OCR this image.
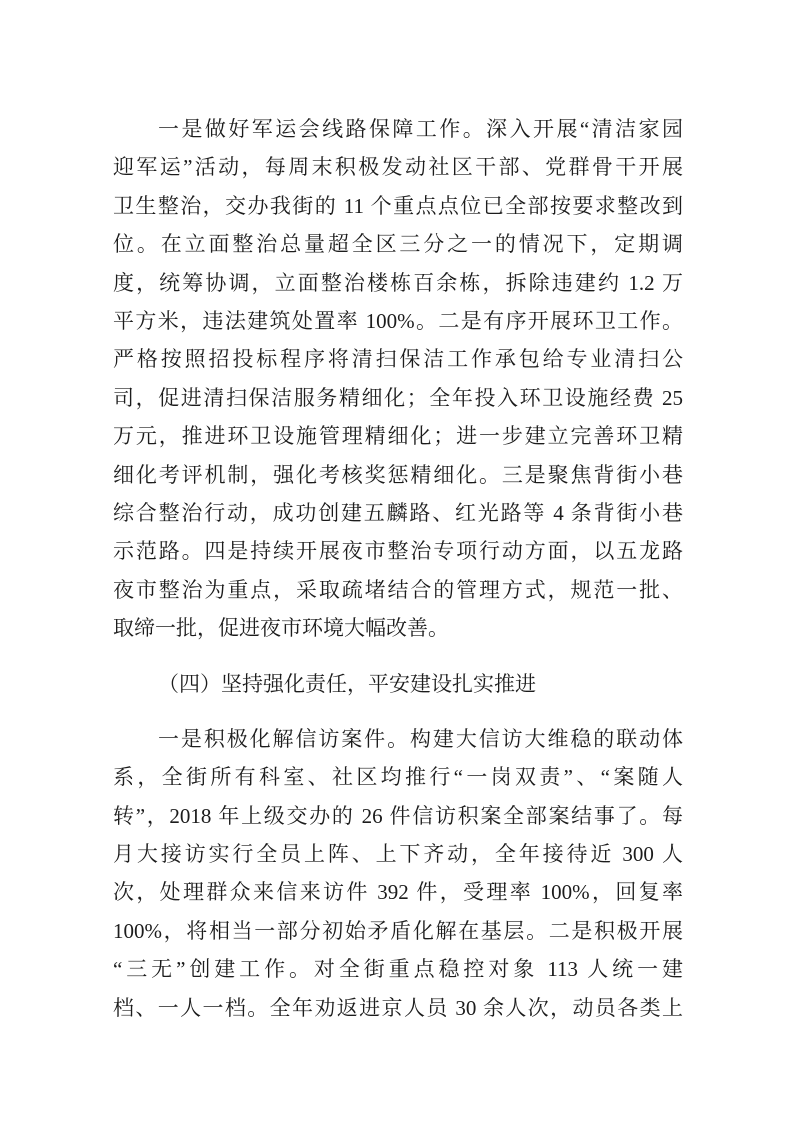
一是做好军运会线路保障工作。深入开展“清洁家园
迎军运”活动，每周末积极发动社区干部、党群骨干开展
卫生整治，交办我街的 11 个重点点位已全部按要求整改到
位。在立面整治总量超全区三分之一的情况下，定期调
度，统筹协调，立面整治楼栋百余栋，拆除违建约 1.2 万
平方米，违法建筑处置率 100%。二是有序开展环卫工作。
严格按照招投标程序将清扫保洁工作承包给专业清扫公
司，促进清扫保洁服务精细化；全年投入环卫设施经费 25
万元，推进环卫设施管理精细化；进一步建立完善环卫精
细化考评机制，强化考核奖惩精细化。三是聚焦背街小巷
综合整治行动，成功创建五麟路、红光路等 4 条背街小巷
示范路。四是持续开展夜市整治专项行动方面，以五龙路
夜市整治为重点，采取疏堵结合的管理方式，规范一批、
取缔一批，促进夜市环境大幅改善。
（四）坚持强化责任，平安建设扎实推进
一是积极化解信访案件。构建大信访大维稳的联动体
系，全街所有科室、社区均推行“一岗双责”、“案随人
转”，2018 年上级交办的 26 件信访积案全部案结事了。每
月大接访实行全员上阵、上下齐动，全年接待近 300 人
次，处理群众来信来访件 392 件，受理率 100%，回复率
100%，将相当一部分初始矛盾化解在基层。二是积极开展
“三无”创建工作。对全街重点稳控对象 113 人统一建
档、一人一档。全年劝返进京人员 30 余人次，动员各类上
